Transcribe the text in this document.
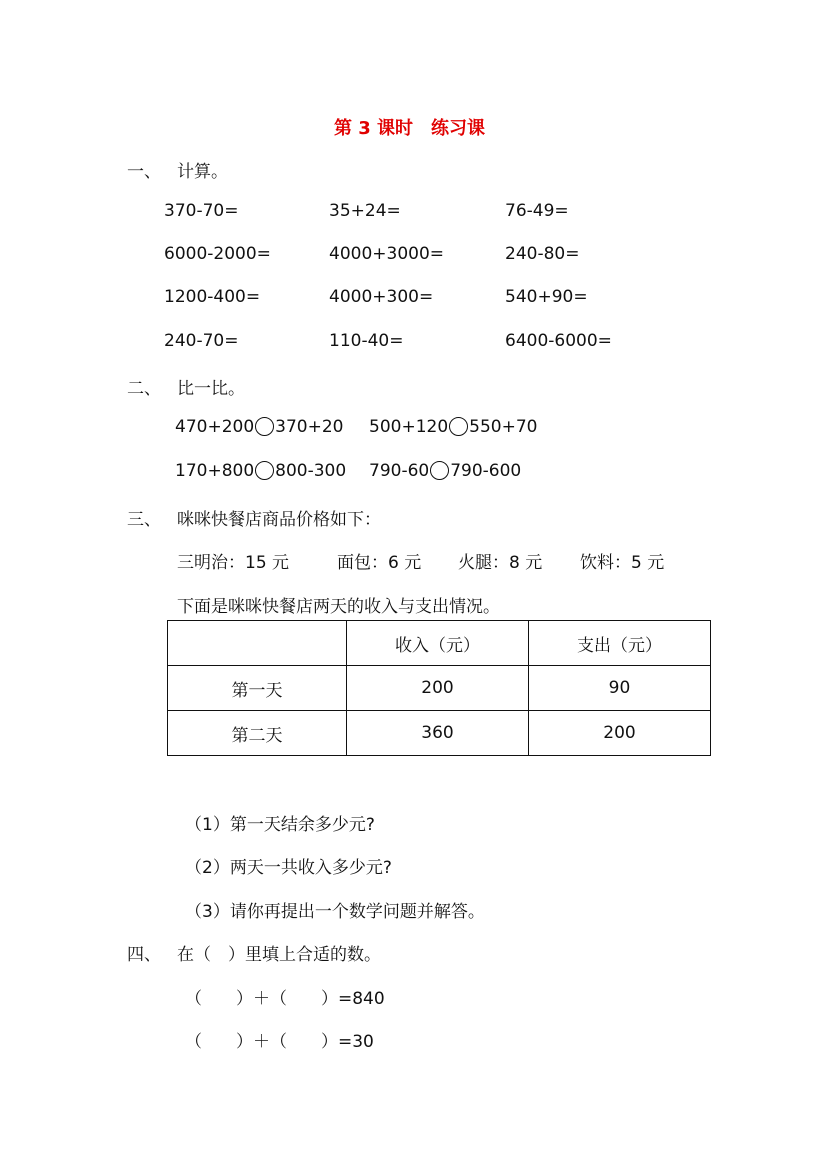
第 3 课时　练习课
一、 计算。
370-70=	35+24=	76-49=
6000-2000=	4000+3000=	240-80=
1200-400=	4000+300=	540+90=
240-70=	110-40=	6400-6000=
二、 比一比。
470+200 370+20 500+120 550+70
170+800 800-300 790-60 790-600
三、 咪咪快餐店商品价格如下：
三明治：15 元	面包：6 元 火腿：8 元 饮料：5 元
下面是咪咪快餐店两天的收入与支出情况。
	收入（元）	支出（元）
第一天	200	90
第二天	360	200
（1）第一天结余多少元?
（2）两天一共收入多少元?
（3）请你再提出一个数学问题并解答。
四、 在（　）里填上合适的数。
（　　）＋（　　）=840
（　　）＋（　　）=30
